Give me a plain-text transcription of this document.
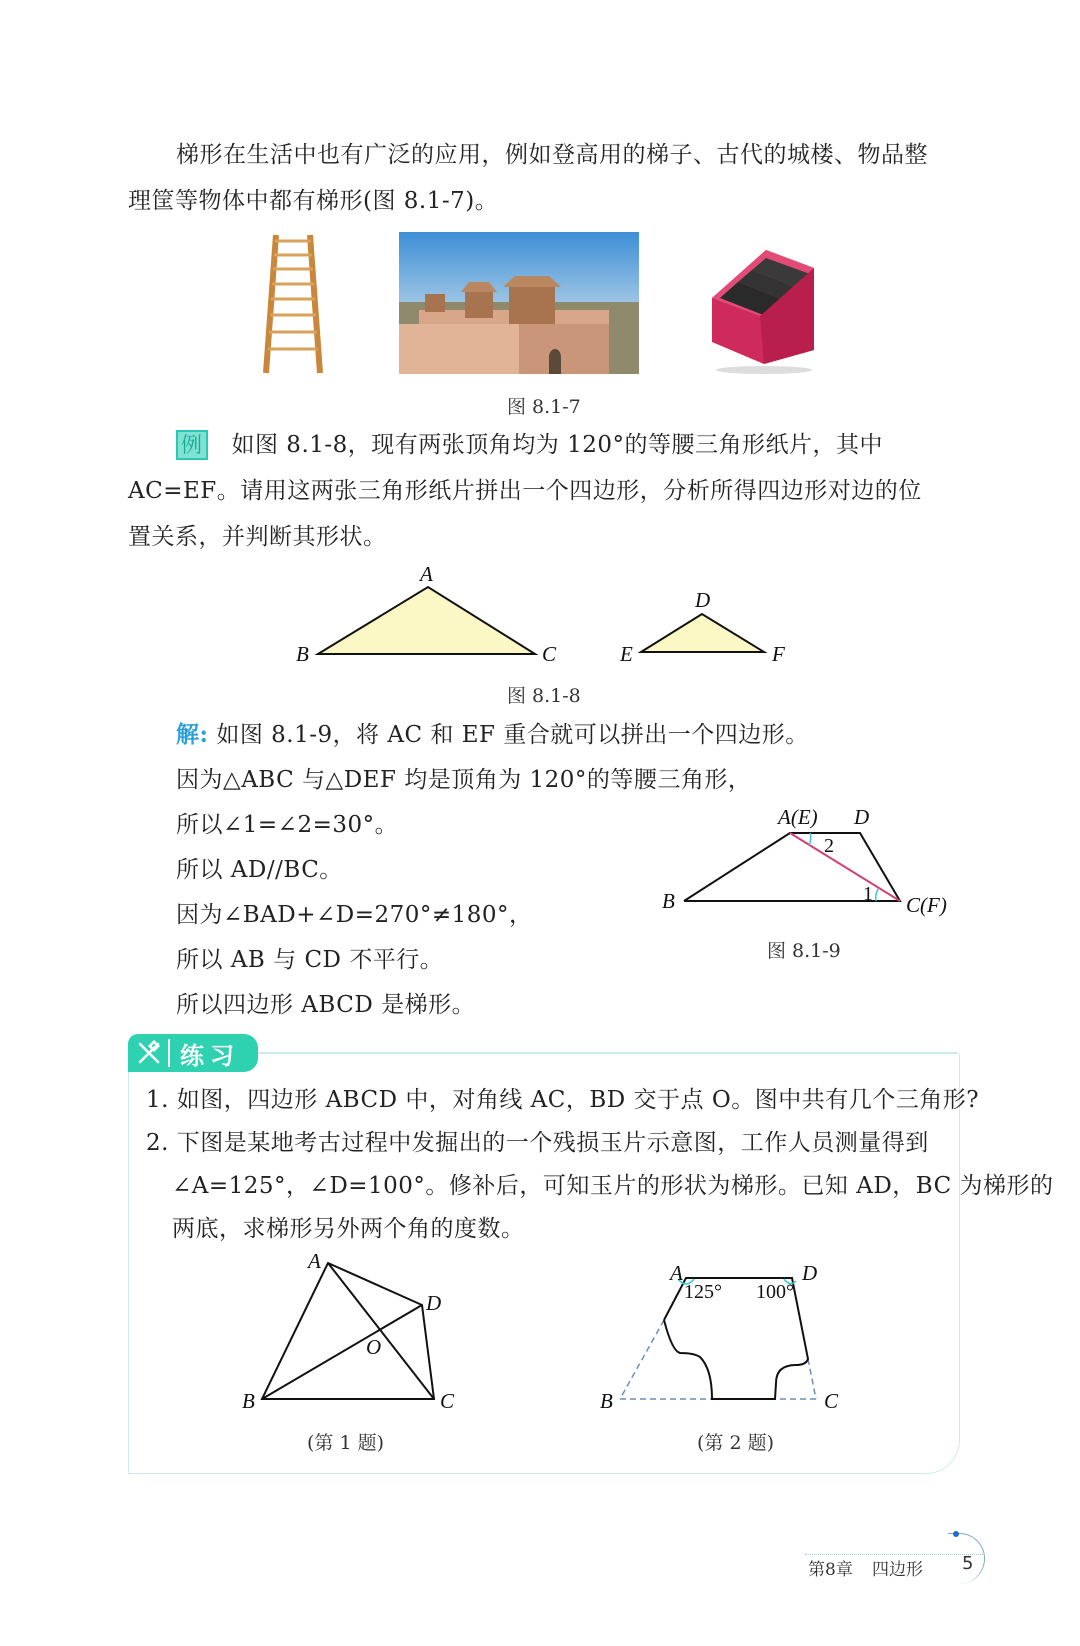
梯形在生活中也有广泛的应用，例如登高用的梯子、古代的城楼、物品整
理筐等物体中都有梯形(图 8.1-7)。
图 8.1-7
例 如图 8.1-8，现有两张顶角均为 120°的等腰三角形纸片，其中
AC=EF。请用这两张三角形纸片拼出一个四边形，分析所得四边形对边的位
置关系，并判断其形状。
A
B	C
D
E	F
图 8.1-8
解: 如图 8.1-9，将 AC 和 EF 重合就可以拼出一个四边形。
因为△ABC 与△DEF 均是顶角为 120°的等腰三角形，
所以∠1=∠2=30°。
所以 AD//BC。
因为∠BAD+∠D=270°≠180°，
所以 AB 与 CD 不平行。
所以四边形 ABCD 是梯形。
A(E) D
B	C(F)
2
1
图 8.1-9
练习
1. 如图，四边形 ABCD 中，对角线 AC，BD 交于点 O。图中共有几个三角形?
2. 下图是某地考古过程中发掘出的一个残损玉片示意图，工作人员测量得到
∠A=125°，∠D=100°。修补后，可知玉片的形状为梯形。已知 AD，BC 为梯形的
两底，求梯形另外两个角的度数。
A
D
O
B	C
(第 1 题)
A	D
B	C
125° 100°
(第 2 题)
第8章 四边形 5
